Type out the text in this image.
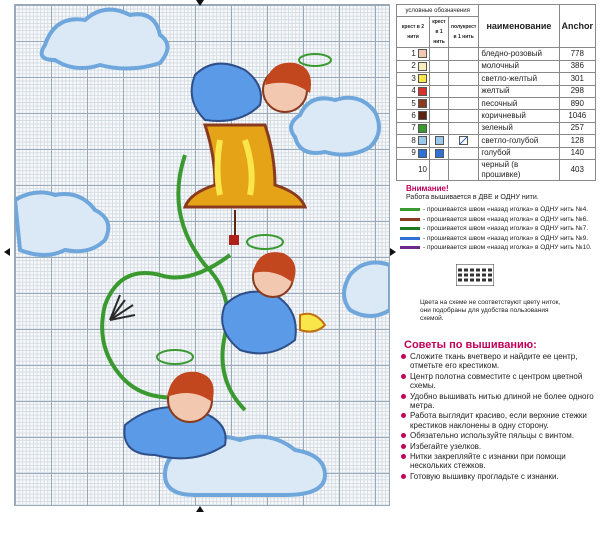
условные обозначения			наименование	Anchor
крест в 2 нити	крест в 1 нить	полукрест в 1 нить		
1			бледно-розовый	778
2			молочный	386
3			светло-желтый	301
4			желтый	298
5			песочный	890
6			коричневый	1046
7			зеленый	257
8			светло-голубой	128
9			голубой	140
10			черный (в прошивке)	403
Внимание!
Работа вышивается в ДВЕ и ОДНУ нити.
- прошивается швом «назад иголка» в ОДНУ нить №4.
- прошивается швом «назад иголка» в ОДНУ нить №6.
- прошивается швом «назад иголка» в ОДНУ нить №7.
- прошивается швом «назад иголка» в ОДНУ нить №9.
- прошивается швом «назад иголка» в ОДНУ нить №10.
Цвета на схеме не соответствуют цвету ниток, они подобраны для удобства пользования схемой.
Советы по вышиванию:
Сложите ткань вчетверо и найдите ее центр, отметьте его крестиком.
Центр полотна совместите с центром цветной схемы.
Удобно вышивать нитью длиной не более одного метра.
Работа выглядит красиво, если верхние стежки крестиков наклонены в одну сторону.
Обязательно используйте пяльцы с винтом.
Избегайте узелков.
Нитки закрепляйте с изнанки при помощи нескольких стежков.
Готовую вышивку прогладьте с изнанки.
